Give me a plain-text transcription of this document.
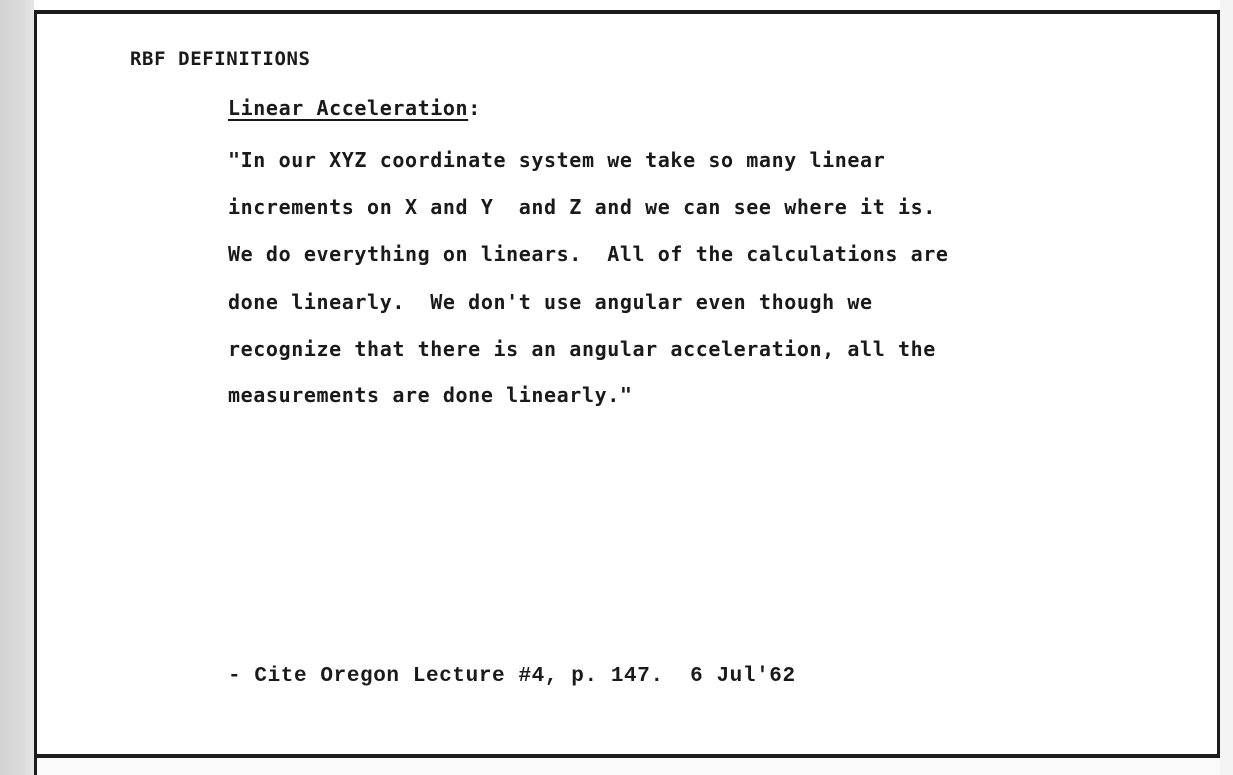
RBF DEFINITIONS
Linear Acceleration:
"In our XYZ coordinate system we take so many linear
increments on X and Y  and Z and we can see where it is.
We do everything on linears.  All of the calculations are
done linearly.  We don't use angular even though we
recognize that there is an angular acceleration, all the
measurements are done linearly."
- Cite Oregon Lecture #4, p. 147.  6 Jul'62
